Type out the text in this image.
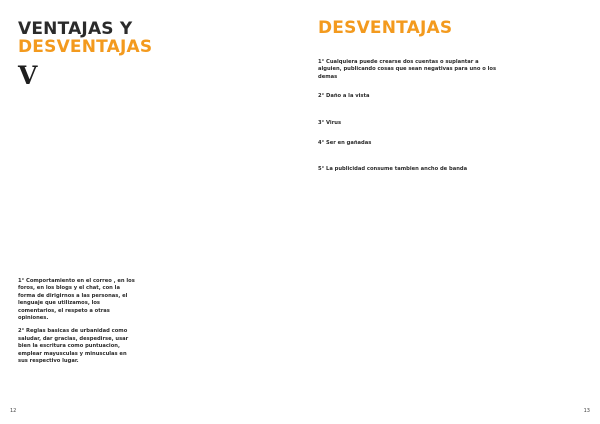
VENTAJAS Y
DESVENTAJAS
V

1° Comportamiento en el correo , en los foros, en los blogs y el chat, con la forma de dirigirnos a las personas, el lenguaje que utilizamos, los comentarios, el respeto a otras opiniones.

2° Reglas basicas de urbanidad como saludar, dar gracias, despedirse, usar bien la escritura como puntuacion, emplear mayusculas y minusculas en sus respectivo lugar.

12
DESVENTAJAS

1° Cualquiera puede crearse dos cuentas o suplantar a alguien, publicando cosas que sean negativas para uno o los demas

2° Daño a la vista

3° Virus

4° Ser en gañadas

5° La publicidad consume tambien ancho de banda

13
